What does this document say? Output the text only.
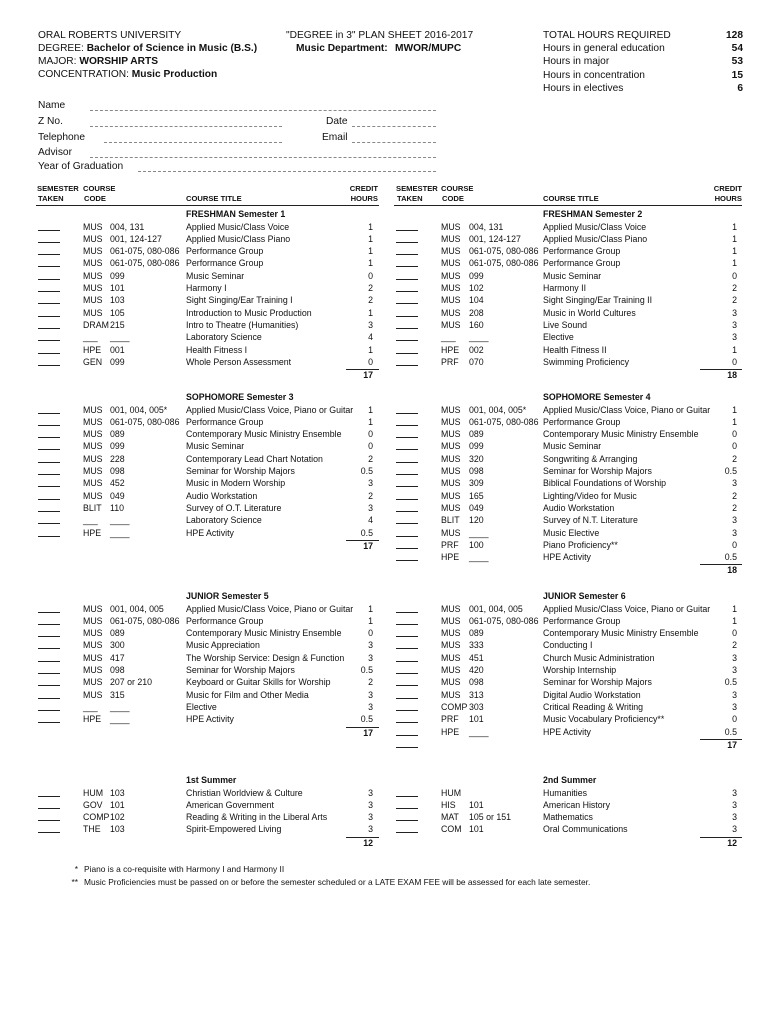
ORAL ROBERTS UNIVERSITY
DEGREE: Bachelor of Science in Music (B.S.)
MAJOR: WORSHIP ARTS
CONCENTRATION: Music Production
"DEGREE in 3" PLAN SHEET 2016-2017
Music Department: MWOR/MUPC
TOTAL HOURS REQUIRED	128
Hours in general education	54
Hours in major	53
Hours in concentration	15
Hours in electives	6
Name
Z No.	Date
Telephone	Email
Advisor
Year of Graduation
SEMESTER
TAKEN
COURSE
CODE	COURSE TITLE
CREDIT
HOURS
SEMESTER
TAKEN
COURSE
CODE	COURSE TITLE
CREDIT
HOURS
FRESHMAN Semester 1
MUS 004, 131	Applied Music/Class Voice	1
MUS 001, 124-127	Applied Music/Class Piano	1
MUS 061-075, 080-086 Performance Group	1
MUS 061-075, 080-086 Performance Group	1
MUS 099	Music Seminar	0
MUS 101	Harmony I	2
MUS 103	Sight Singing/Ear Training I	2
MUS 105	Introduction to Music Production	1
DRAM 215	Intro to Theatre (Humanities)	3
___ ____	Laboratory Science	4
HPE 001	Health Fitness I	1
GEN 099	Whole Person Assessment	0
17
FRESHMAN Semester 2
MUS 004, 131	Applied Music/Class Voice	1
MUS 001, 124-127	Applied Music/Class Piano	1
MUS 061-075, 080-086 Performance Group	1
MUS 061-075, 080-086 Performance Group	1
MUS 099	Music Seminar	0
MUS 102	Harmony II	2
MUS 104	Sight Singing/Ear Training II	2
MUS 208	Music in World Cultures	3
MUS 160	Live Sound	3
___ ____	Elective	3
HPE 002	Health Fitness II	1
PRF 070	Swimming Proficiency	0
18
SOPHOMORE Semester 3
MUS 001, 004, 005* Applied Music/Class Voice, Piano or Guitar	1
MUS 061-075, 080-086 Performance Group	1
MUS 089	Contemporary Music Ministry Ensemble	0
MUS 099	Music Seminar	0
MUS 228	Contemporary Lead Chart Notation	2
MUS 098	Seminar for Worship Majors	0.5
MUS 452	Music in Modern Worship	3
MUS 049	Audio Workstation	2
BLIT 110	Survey of O.T. Literature	3
___ ____	Laboratory Science	4
HPE ____	HPE Activity	0.5
17
SOPHOMORE Semester 4
MUS 001, 004, 005* Applied Music/Class Voice, Piano or Guitar	1
MUS 061-075, 080-086 Performance Group	1
MUS 089	Contemporary Music Ministry Ensemble	0
MUS 099	Music Seminar	0
MUS 320	Songwriting & Arranging	2
MUS 098	Seminar for Worship Majors	0.5
MUS 309	Biblical Foundations of Worship	3
MUS 165	Lighting/Video for Music	2
MUS 049	Audio Workstation	2
BLIT 120	Survey of N.T. Literature	3
MUS ____	Music Elective	3
PRF 100	Piano Proficiency**	0
HPE ____	HPE Activity	0.5
18
JUNIOR Semester 5
MUS 001, 004, 005	Applied Music/Class Voice, Piano or Guitar	1
MUS 061-075, 080-086 Performance Group	1
MUS 089	Contemporary Music Ministry Ensemble	0
MUS 300	Music Appreciation	3
MUS 417	The Worship Service: Design & Function	3
MUS 098	Seminar for Worship Majors	0.5
MUS 207 or 210	Keyboard or Guitar Skills for Worship	2
MUS 315	Music for Film and Other Media	3
___ ____	Elective	3
HPE ____	HPE Activity	0.5
17
JUNIOR Semester 6
MUS 001, 004, 005 Applied Music/Class Voice, Piano or Guitar	1
MUS 061-075, 080-086 Performance Group	1
MUS 089	Contemporary Music Ministry Ensemble	0
MUS 333	Conducting I	2
MUS 451	Church Music Administration	3
MUS 420	Worship Internship	3
MUS 098	Seminar for Worship Majors	0.5
MUS 313	Digital Audio Workstation	3
COMP 303	Critical Reading & Writing	3
PRF 101	Music Vocabulary Proficiency**	0
HPE ____	HPE Activity	0.5
17
1st Summer
HUM 103	Christian Worldview & Culture	3
GOV 101	American Government	3
COMP 102	Reading & Writing in the Liberal Arts	3
THE 103	Spirit-Empowered Living	3
12
2nd Summer
HUM	Humanities	3
HIS 101	American History	3
MAT 105 or 151	Mathematics	3
COM 101	Oral Communications	3
12
* Piano is a co-requisite with Harmony I and Harmony II
** Music Proficiencies must be passed on or before the semester scheduled or a LATE EXAM FEE will be assessed for each late semester.
